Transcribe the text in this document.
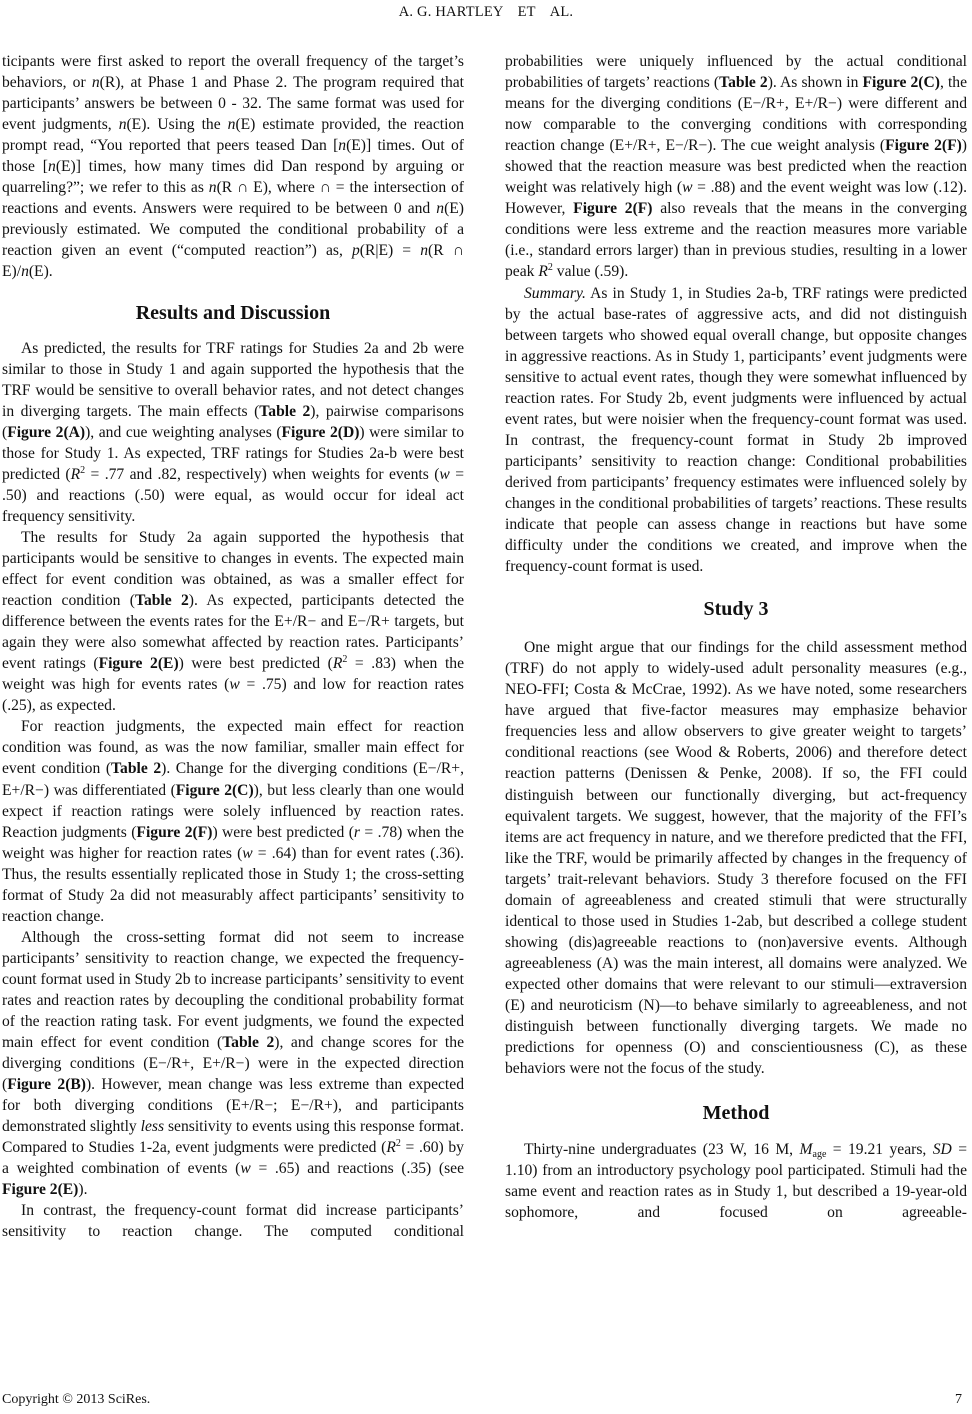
A. G. HARTLEY ET AL.

ticipants were first asked to report the overall frequency of the target’s behaviors, or n(R), at Phase 1 and Phase 2. The program required that participants’ answers be between 0 - 32. The same format was used for event judgments, n(E). Using the n(E) estimate provided, the reaction prompt read, “You reported that peers teased Dan [n(E)] times. Out of those [n(E)] times, how many times did Dan respond by arguing or quarreling?”; we refer to this as n(R ∩ E), where ∩ = the intersection of reactions and events. Answers were required to be between 0 and n(E) previously estimated. We computed the conditional probability of a reaction given an event (“computed reaction”) as, p(R|E) = n(R ∩ E)/n(E).

Results and Discussion

As predicted, the results for TRF ratings for Studies 2a and 2b were similar to those in Study 1 and again supported the hypothesis that the TRF would be sensitive to overall behavior rates, and not detect changes in diverging targets. The main effects (Table 2), pairwise comparisons (Figure 2(A)), and cue weighting analyses (Figure 2(D)) were similar to those for Study 1. As expected, TRF ratings for Studies 2a-b were best predicted ($R^2 = .77$ and .82, respectively) when weights for events (w = .50) and reactions (.50) were equal, as would occur for ideal act frequency sensitivity.

The results for Study 2a again supported the hypothesis that participants would be sensitive to changes in events. The expected main effect for event condition was obtained, as was a smaller effect for reaction condition (Table 2). As expected, participants detected the difference between the events rates for the E+/R− and E−/R+ targets, but again they were also somewhat affected by reaction rates. Participants’ event ratings (Figure 2(E)) were best predicted $(R^2 = .83)$ when the weight was high for events rates (w = .75) and low for reaction rates (.25), as expected.

For reaction judgments, the expected main effect for reaction condition was found, as was the now familiar, smaller main effect for event condition (Table 2). Change for the diverging conditions (E−/R+, E+/R−) was differentiated (Figure 2(C)), but less clearly than one would expect if reaction ratings were solely influenced by reaction rates. Reaction judgments (Figure 2(F)) were best predicted (r = .78) when the weight was higher for reaction rates (w = .64) than for event rates (.36). Thus, the results essentially replicated those in Study 1; the cross-setting format of Study 2a did not measurably affect participants’ sensitivity to reaction change.

Although the cross-setting format did not seem to increase participants’ sensitivity to reaction change, we expected the frequency-count format used in Study 2b to increase participants’ sensitivity to event rates and reaction rates by decoupling the conditional probability format of the reaction rating task. For event judgments, we found the expected main effect for event condition (Table 2), and change scores for the diverging conditions (E−/R+, E+/R−) were in the expected direction (Figure 2(B)). However, mean change was less extreme than expected for both diverging conditions (E+/R−; E−/R+), and participants demonstrated slightly less sensitivity to events using this response format. Compared to Studies 1-2a, event judgments were predicted $(R^2 = .60)$ by a weighted combination of events (w = .65) and reactions (.35) (see Figure 2(E)).

In contrast, the frequency-count format did increase participants’ sensitivity to reaction change. The computed conditional

probabilities were uniquely influenced by the actual conditional probabilities of targets’ reactions (Table 2). As shown in Figure 2(C), the means for the diverging conditions (E−/R+, E+/R−) were different and now comparable to the converging conditions with corresponding reaction change (E+/R+, E−/R−). The cue weight analysis (Figure 2(F)) showed that the reaction measure was best predicted when the reaction weight was relatively high (w = .88) and the event weight was low (.12). However, Figure 2(F) also reveals that the means in the converging conditions were less extreme and the reaction measures more variable (i.e., standard errors larger) than in previous studies, resulting in a lower peak $R^2$ value (.59).

Summary. As in Study 1, in Studies 2a-b, TRF ratings were predicted by the actual base-rates of aggressive acts, and did not distinguish between targets who showed equal overall change, but opposite changes in aggressive reactions. As in Study 1, participants’ event judgments were sensitive to actual event rates, though they were somewhat influenced by reaction rates. For Study 2b, event judgments were influenced by actual event rates, but were noisier when the frequency-count format was used. In contrast, the frequency-count format in Study 2b improved participants’ sensitivity to reaction change: Conditional probabilities derived from participants’ frequency estimates were influenced solely by changes in the conditional probabilities of targets’ reactions. These results indicate that people can assess change in reactions but have some difficulty under the conditions we created, and improve when the frequency-count format is used.

Study 3

One might argue that our findings for the child assessment method (TRF) do not apply to widely-used adult personality measures (e.g., NEO-FFI; Costa & McCrae, 1992). As we have noted, some researchers have argued that five-factor measures may emphasize behavior frequencies less and allow observers to give greater weight to targets’ conditional reactions (see Wood & Roberts, 2006) and therefore detect reaction patterns (Denissen & Penke, 2008). If so, the FFI could distinguish between our functionally diverging, but act-frequency equivalent targets. We suggest, however, that the majority of the FFI’s items are act frequency in nature, and we therefore predicted that the FFI, like the TRF, would be primarily affected by changes in the frequency of targets’ trait-relevant behaviors. Study 3 therefore focused on the FFI domain of agreeableness and created stimuli that were structurally identical to those used in Studies 1-2ab, but described a college student showing (dis)agreeable reactions to (non)aversive events. Although agreeableness (A) was the main interest, all domains were analyzed. We expected other domains that were relevant to our stimuli—extraversion (E) and neuroticism (N)—to behave similarly to agreeableness, and not distinguish between functionally diverging targets. We made no predictions for openness (O) and conscientiousness (C), as these behaviors were not the focus of the study.

Method

Thirty-nine undergraduates (23 W, 16 M, $M_{age} = 19.21$ years, SD = 1.10) from an introductory psychology pool participated. Stimuli had the same event and reaction rates as in Study 1, but described a 19-year-old sophomore, and focused on agreeable-

Copyright © 2013 SciRes.	7
